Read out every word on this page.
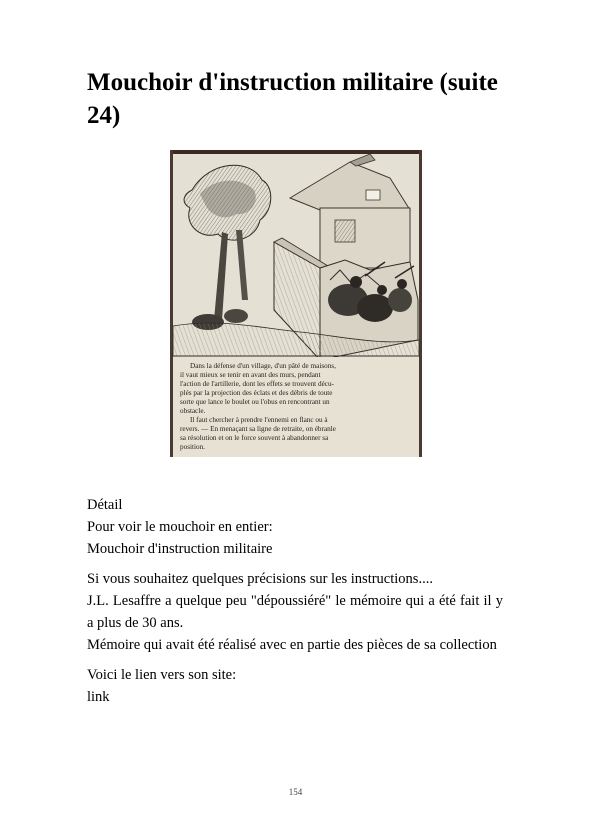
Mouchoir d'instruction militaire (suite 24)
Dans la défense d'un village, d'un pâté de maisons,
il vaut mieux se tenir en avant des murs, pendant
l'action de l'artillerie, dont les effets se trouvent décu-
plés par la projection des éclats et des débris de toute
sorte que lance le boulet ou l'obus en rencontrant un
obstacle.
Il faut chercher à prendre l'ennemi en flanc ou à
revers. — En menaçant sa ligne de retraite, on ébranle
sa résolution et on le force souvent à abandonner sa
position.

Détail
Pour voir le mouchoir en entier:
Mouchoir d'instruction militaire

Si vous souhaitez quelques précisions sur les instructions....
J.L. Lesaffre a quelque peu "dépoussiéré" le mémoire qui a été fait il y a plus de 30 ans.
Mémoire qui avait été réalisé avec en partie des pièces de sa collection

Voici le lien vers son site:
link

154
